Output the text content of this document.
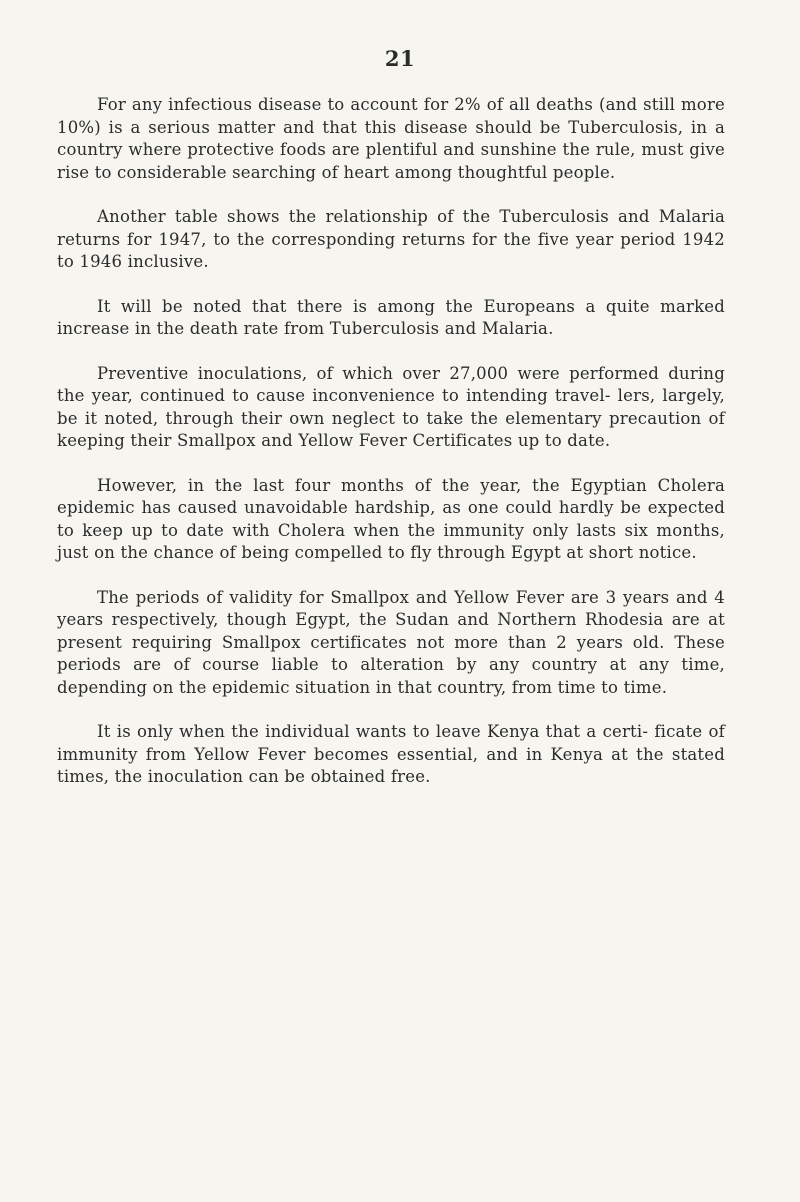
21

For any infectious disease to account for 2% of all deaths (and still more 10%) is a serious matter and that this disease should be Tuberculosis, in a country where protective foods are plentiful and sunshine the rule, must give rise to considerable searching of heart among thoughtful people.

Another table shows the relationship of the Tuberculosis and Malaria returns for 1947, to the corresponding returns for the five year period 1942 to 1946 inclusive.

It will be noted that there is among the Europeans a quite marked increase in the death rate from Tuberculosis and Malaria.

Preventive inoculations, of which over 27,000 were performed during the year, continued to cause inconvenience to intending travel- lers, largely, be it noted, through their own neglect to take the elementary precaution of keeping their Smallpox and Yellow Fever Certificates up to date.

However, in the last four months of the year, the Egyptian Cholera epidemic has caused unavoidable hardship, as one could hardly be expected to keep up to date with Cholera when the immunity only lasts six months, just on the chance of being compelled to fly through Egypt at short notice.

The periods of validity for Smallpox and Yellow Fever are 3 years and 4 years respectively, though Egypt, the Sudan and Northern Rhodesia are at present requiring Smallpox certificates not more than 2 years old. These periods are of course liable to alteration by any country at any time, depending on the epidemic situation in that country, from time to time.

It is only when the individual wants to leave Kenya that a certi- ficate of immunity from Yellow Fever becomes essential, and in Kenya at the stated times, the inoculation can be obtained free.
